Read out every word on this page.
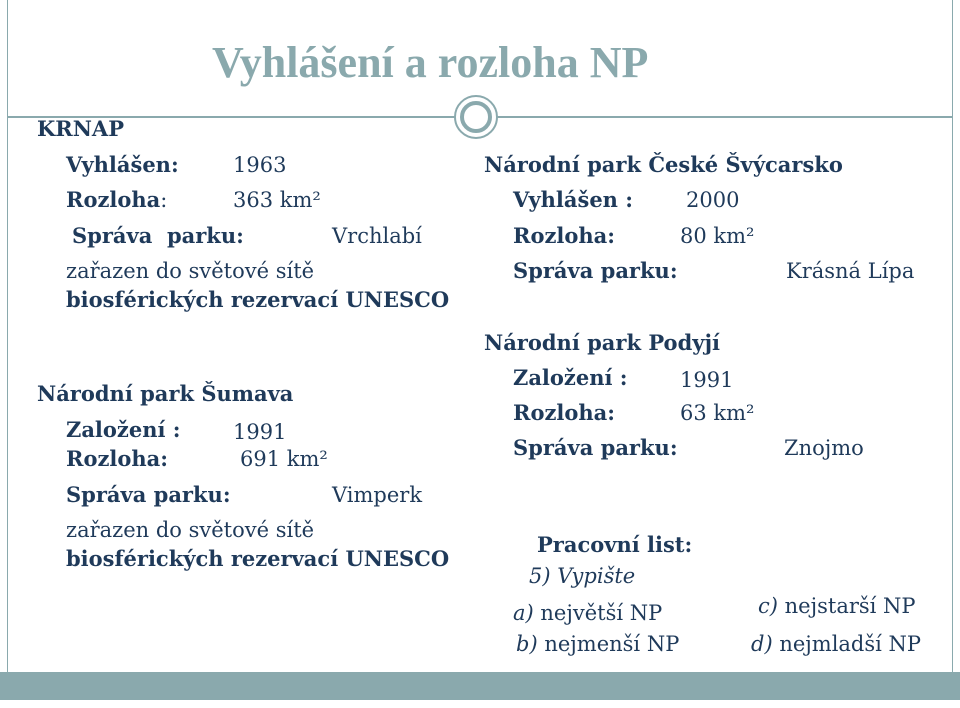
Vyhlášení a rozloha NP
KRNAP
Vyhlášen:	1963
Rozloha:	363 km²
Správa  parku:	Vrchlabí
zařazen do světové sítě
biosférických rezervací UNESCO
Národní park Šumava
Založení : 1991
Rozloha:	691 km²
Správa parku:	Vimperk
zařazen do světové sítě
biosférických rezervací UNESCO
Národní park České Švýcarsko
Vyhlášen :	2000
Rozloha:	80 km²
Správa parku:	Krásná Lípa
Národní park Podyjí
Založení : 1991
Rozloha:	63 km²
Správa parku:	Znojmo
Pracovní list:
5) Vypište
a) největší NP
b) nejmenší NP
c) nejstarší NP
d) nejmladší NP
